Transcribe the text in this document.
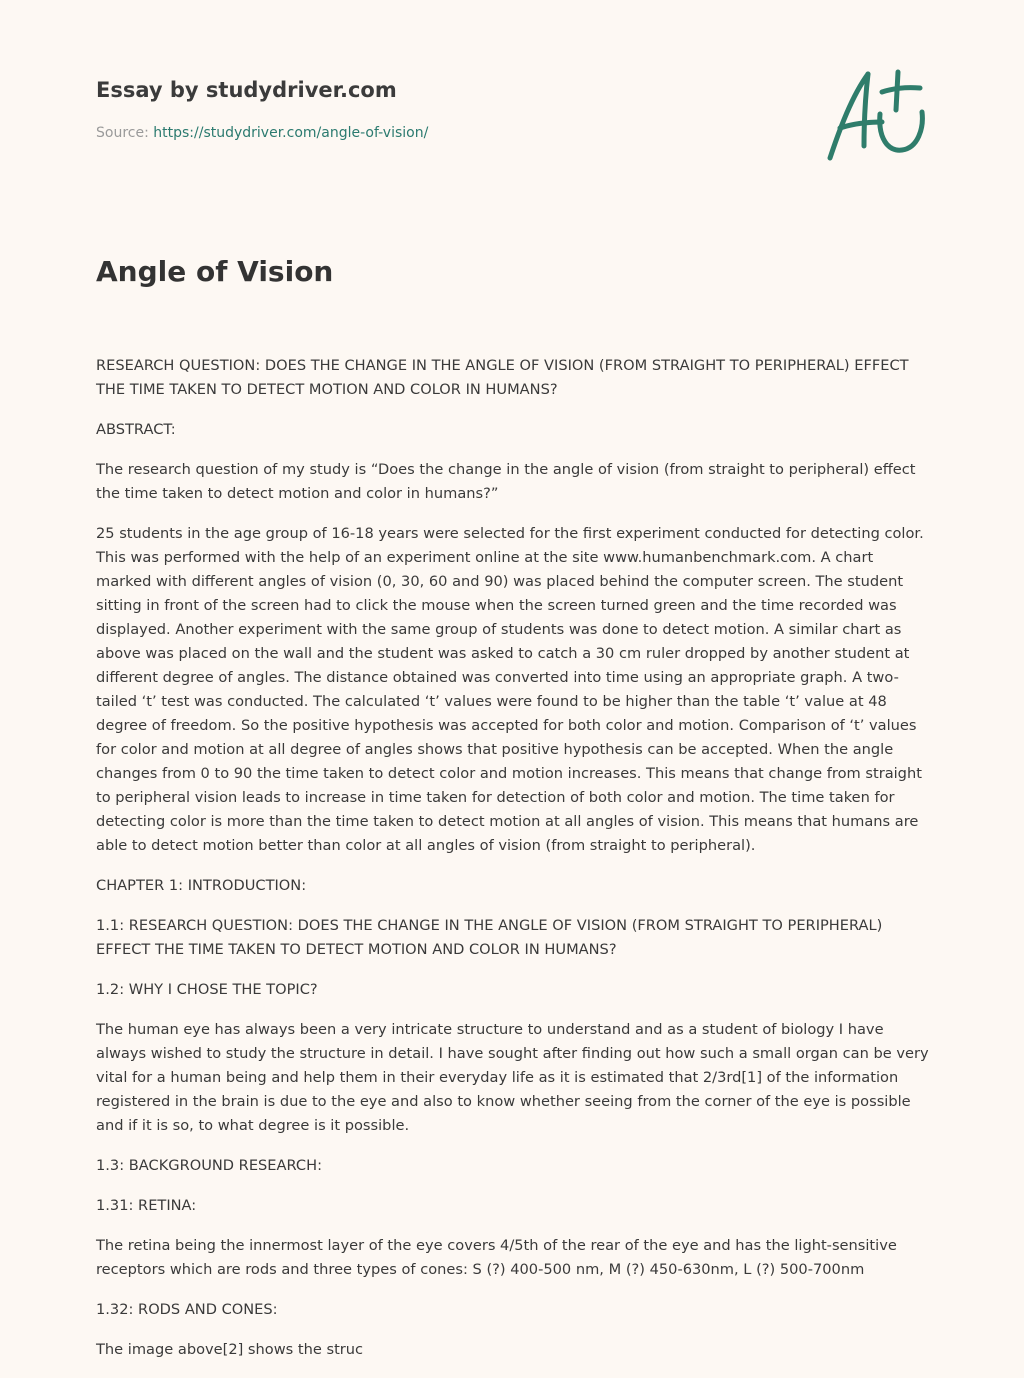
Essay by studydriver.com

Source: https://studydriver.com/angle-of-vision/
Angle of Vision

RESEARCH QUESTION: DOES THE CHANGE IN THE ANGLE OF VISION (FROM STRAIGHT TO PERIPHERAL) EFFECT THE TIME TAKEN TO DETECT MOTION AND COLOR IN HUMANS?

ABSTRACT:

The research question of my study is “Does the change in the angle of vision (from straight to peripheral) effect the time taken to detect motion and color in humans?”

25 students in the age group of 16-18 years were selected for the first experiment conducted for detecting color. This was performed with the help of an experiment online at the site www.humanbenchmark.com. A chart marked with different angles of vision (0, 30, 60 and 90) was placed behind the computer screen. The student sitting in front of the screen had to click the mouse when the screen turned green and the time recorded was displayed. Another experiment with the same group of students was done to detect motion. A similar chart as above was placed on the wall and the student was asked to catch a 30 cm ruler dropped by another student at different degree of angles. The distance obtained was converted into time using an appropriate graph. A two-tailed ‘t’ test was conducted. The calculated ‘t’ values were found to be higher than the table ‘t’ value at 48 degree of freedom. So the positive hypothesis was accepted for both color and motion. Comparison of ‘t’ values for color and motion at all degree of angles shows that positive hypothesis can be accepted. When the angle changes from 0 to 90 the time taken to detect color and motion increases. This means that change from straight to peripheral vision leads to increase in time taken for detection of both color and motion. The time taken for detecting color is more than the time taken to detect motion at all angles of vision. This means that humans are able to detect motion better than color at all angles of vision (from straight to peripheral).

CHAPTER 1: INTRODUCTION:

1.1: RESEARCH QUESTION: DOES THE CHANGE IN THE ANGLE OF VISION (FROM STRAIGHT TO PERIPHERAL) EFFECT THE TIME TAKEN TO DETECT MOTION AND COLOR IN HUMANS?

1.2: WHY I CHOSE THE TOPIC?

The human eye has always been a very intricate structure to understand and as a student of biology I have always wished to study the structure in detail. I have sought after finding out how such a small organ can be very vital for a human being and help them in their everyday life as it is estimated that 2/3rd[1] of the information registered in the brain is due to the eye and also to know whether seeing from the corner of the eye is possible and if it is so, to what degree is it possible.

1.3: BACKGROUND RESEARCH:

1.31: RETINA:

The retina being the innermost layer of the eye covers 4/5th of the rear of the eye and has the light-sensitive receptors which are rods and three types of cones: S (?) 400-500 nm, M (?) 450-630nm, L (?) 500-700nm

1.32: RODS AND CONES:

The image above[2] shows the struc
